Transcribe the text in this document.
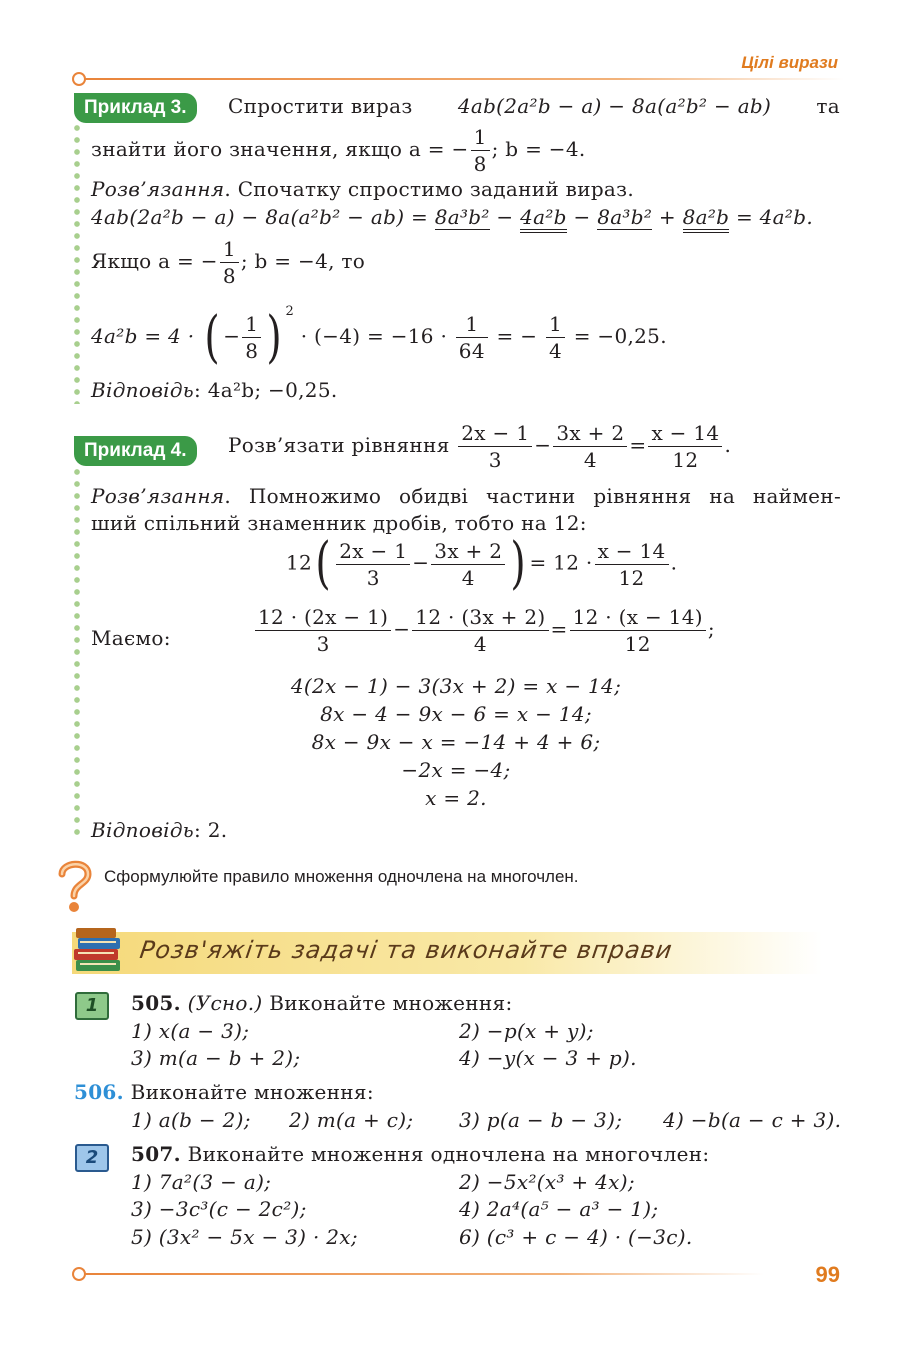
Цілі вирази
Приклад 3.	Спростити вираз 4ab(2a²b − a) − 8a(a²b² − ab) та
знайти його значення, якщо a = − $\frac{1}{8}$ ; b = −4.
Розв’язання. Спочатку спростимо заданий вираз.
4ab(2a²b − a) − 8a(a²b² − ab) = 8a³b² − 4a²b − 8a³b² + 8a²b = 4a²b.
Якщо a = − $\frac{1}{8}$ ; b = −4, то
4a²b = 4 · ( − $\frac{1}{8}$ ) $^2 \cdot (-4) = -16 \cdot \frac{1}{64}$ = − $\frac{1}{4} = -0,25$.
Відповідь: 4a²b; −0,25.
Приклад 4.	Розв’язати рівняння $\frac{2x - 1}{3} - \frac{3x + 2}{4} = \frac{x - 14}{12}$ .
Розв’язання. Помножимо обидві частини рівняння на наймен-
ший спільний знаменник дробів, тобто на 12:
$12( \frac{2x - 1}{3} - \frac{3x + 2}{4}$ ) = $12 \cdot \frac{x - 14}{12}$ .
Маємо:	$\frac{12 \cdot (2x - 1)}{3} - \frac{12 \cdot (3x + 2)}{4} = \frac{12 \cdot (x - 14)}{12}$ ;
4(2x − 1) − 3(3x + 2) = x − 14;
8x − 4 − 9x − 6 = x − 14;
8x − 9x − x = −14 + 4 + 6;
−2x = −4;
x = 2.
Відповідь: 2.
Сформулюйте правило множення одночлена на многочлен.
Розв'яжіть задачі та виконайте вправи
1	505. (Усно.) Виконайте множення:
1) x(a − 3);	2) −p(x + y);
3) m(a − b + 2);	4) −y(x − 3 + p).
506. Виконайте множення:
1) a(b − 2); 2) m(a + c); 3) p(a − b − 3); 4) −b(a − c + 3).
2	507. Виконайте множення одночлена на многочлен:
1) 7a²(3 − a);	2) −5x²(x³ + 4x);
3) −3c³(c − 2c²);	4) 2a⁴(a⁵ − a³ − 1);
5) (3x² − 5x − 3) · 2x;	6) (c³ + c − 4) · (−3c).
99
